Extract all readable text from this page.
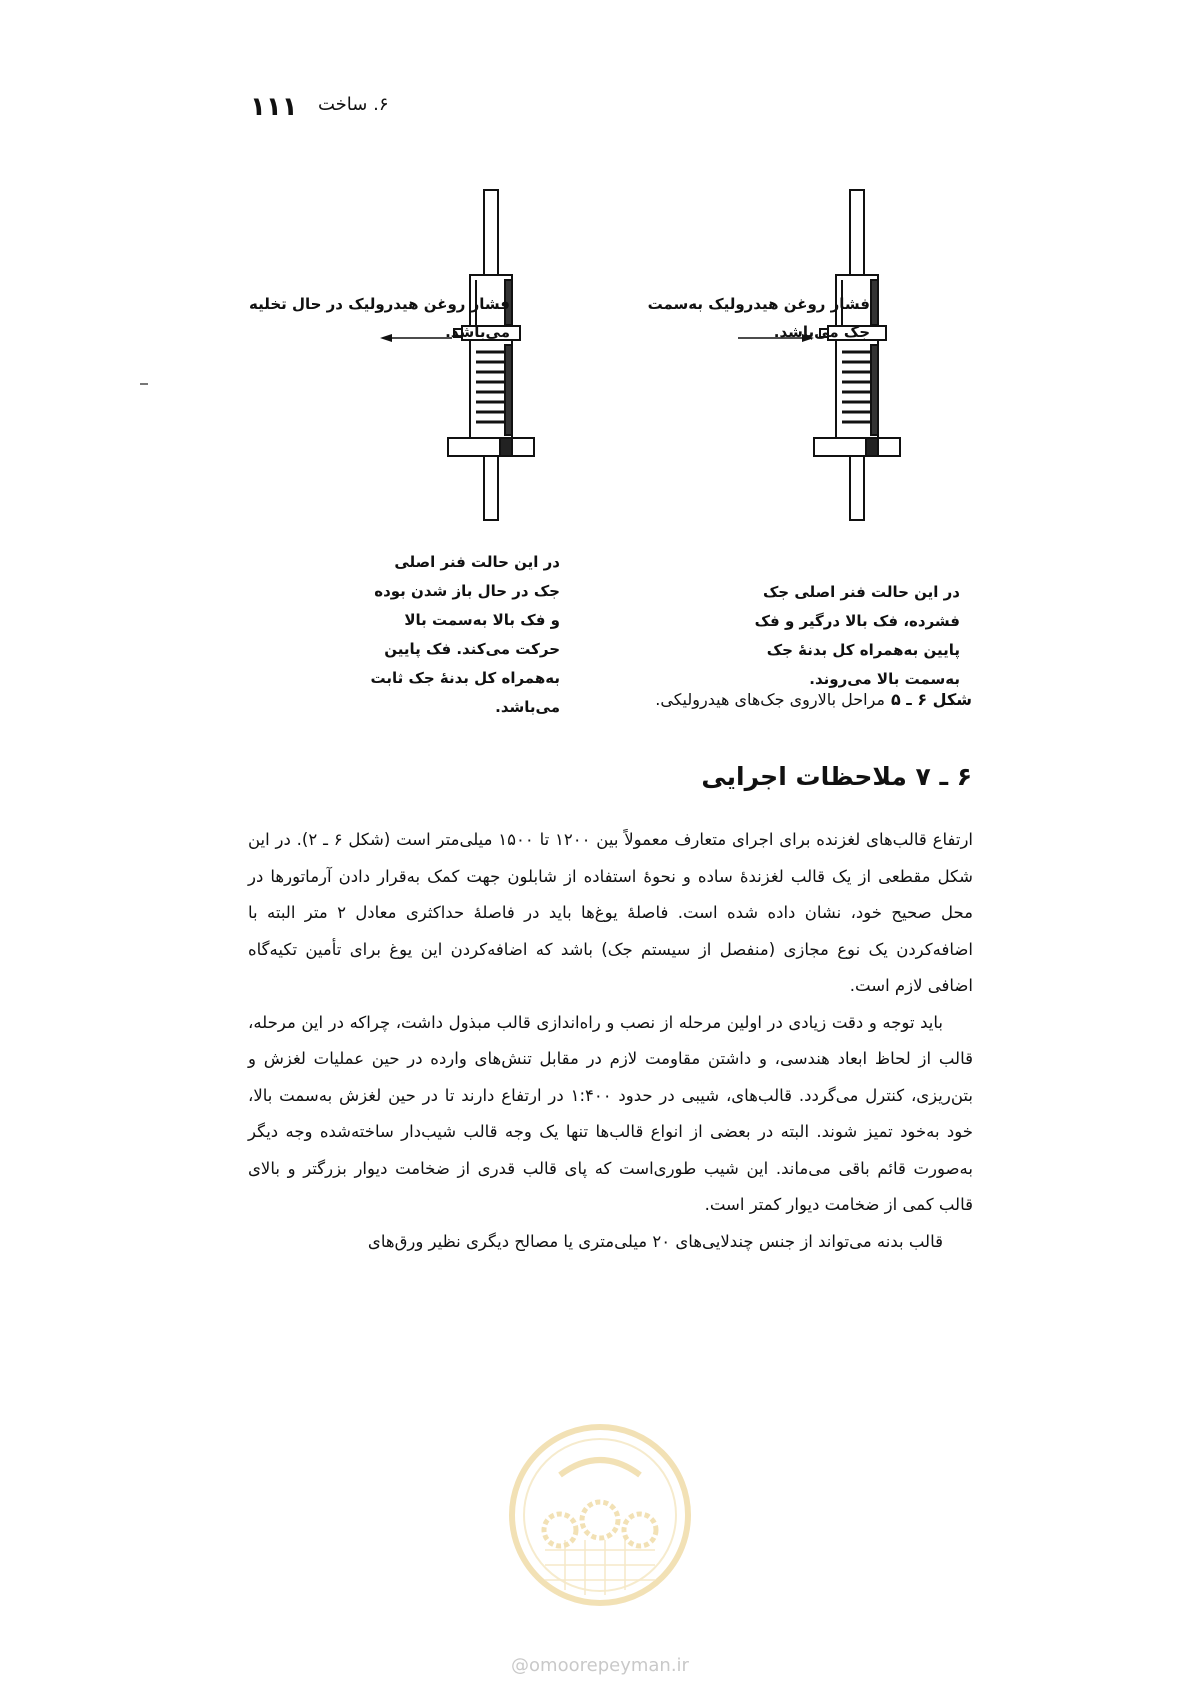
۱۱۱ ۶. ساخت
فشار روغن هیدرولیک در حال تخلیه می‌باشد.
فشار روغن هیدرولیک به‌سمت جک می‌باشد.
در این حالت فنر اصلی جک در حال باز شدن بوده و فک بالا به‌سمت بالا حرکت می‌کند. فک پایین به‌همراه کل بدنۀ جک ثابت می‌باشد.
در این حالت فنر اصلی جک فشرده، فک بالا درگیر و فک پایین به‌همراه کل بدنۀ جک به‌سمت بالا می‌روند.
شکل ۶ ـ ۵مراحل بالاروی جک‌های هیدرولیکی.
۶ ـ ۷ ملاحظات اجرایی

ارتفاع قالب‌های لغزنده برای اجرای متعارف معمولاً بین ۱۲۰۰ تا ۱۵۰۰ میلی‌متر است (شکل ۶ ـ ۲). در این شکل مقطعی از یک قالب لغزندۀ ساده و نحوۀ استفاده از شابلون جهت کمک به‌قرار دادن آرماتورها در محل صحیح خود، نشان داده شده است. فاصلۀ یوغ‌ها باید در فاصلۀ حداکثری معادل ۲ متر البته با اضافه‌کردن یک نوع مجازی (منفصل از سیستم جک) باشد که اضافه‌کردن این یوغ برای تأمین تکیه‌گاه اضافی لازم است.

باید توجه و دقت زیادی در اولین مرحله از نصب و راه‌اندازی قالب مبذول داشت، چراکه در این مرحله، قالب از لحاظ ابعاد هندسی، و داشتن مقاومت لازم در مقابل تنش‌های وارده در حین عملیات لغزش و بتن‌ریزی، کنترل می‌گردد. قالب‌های، شیبی در حدود ۱:۴۰۰ در ارتفاع دارند تا در حین لغزش به‌سمت بالا، خود به‌خود تمیز شوند. البته در بعضی از انواع قالب‌ها تنها یک وجه قالب شیب‌دار ساخته‌شده وجه دیگر به‌صورت قائم باقی می‌ماند. این شیب طوری‌است که پای قالب قدری از ضخامت دیوار بزرگتر و بالای قالب کمی از ضخامت دیوار کمتر است.

قالب بدنه می‌تواند از جنس چندلایی‌های ۲۰ میلی‌متری یا مصالح دیگری نظیر ورق‌های

@omoorepeyman.ir
